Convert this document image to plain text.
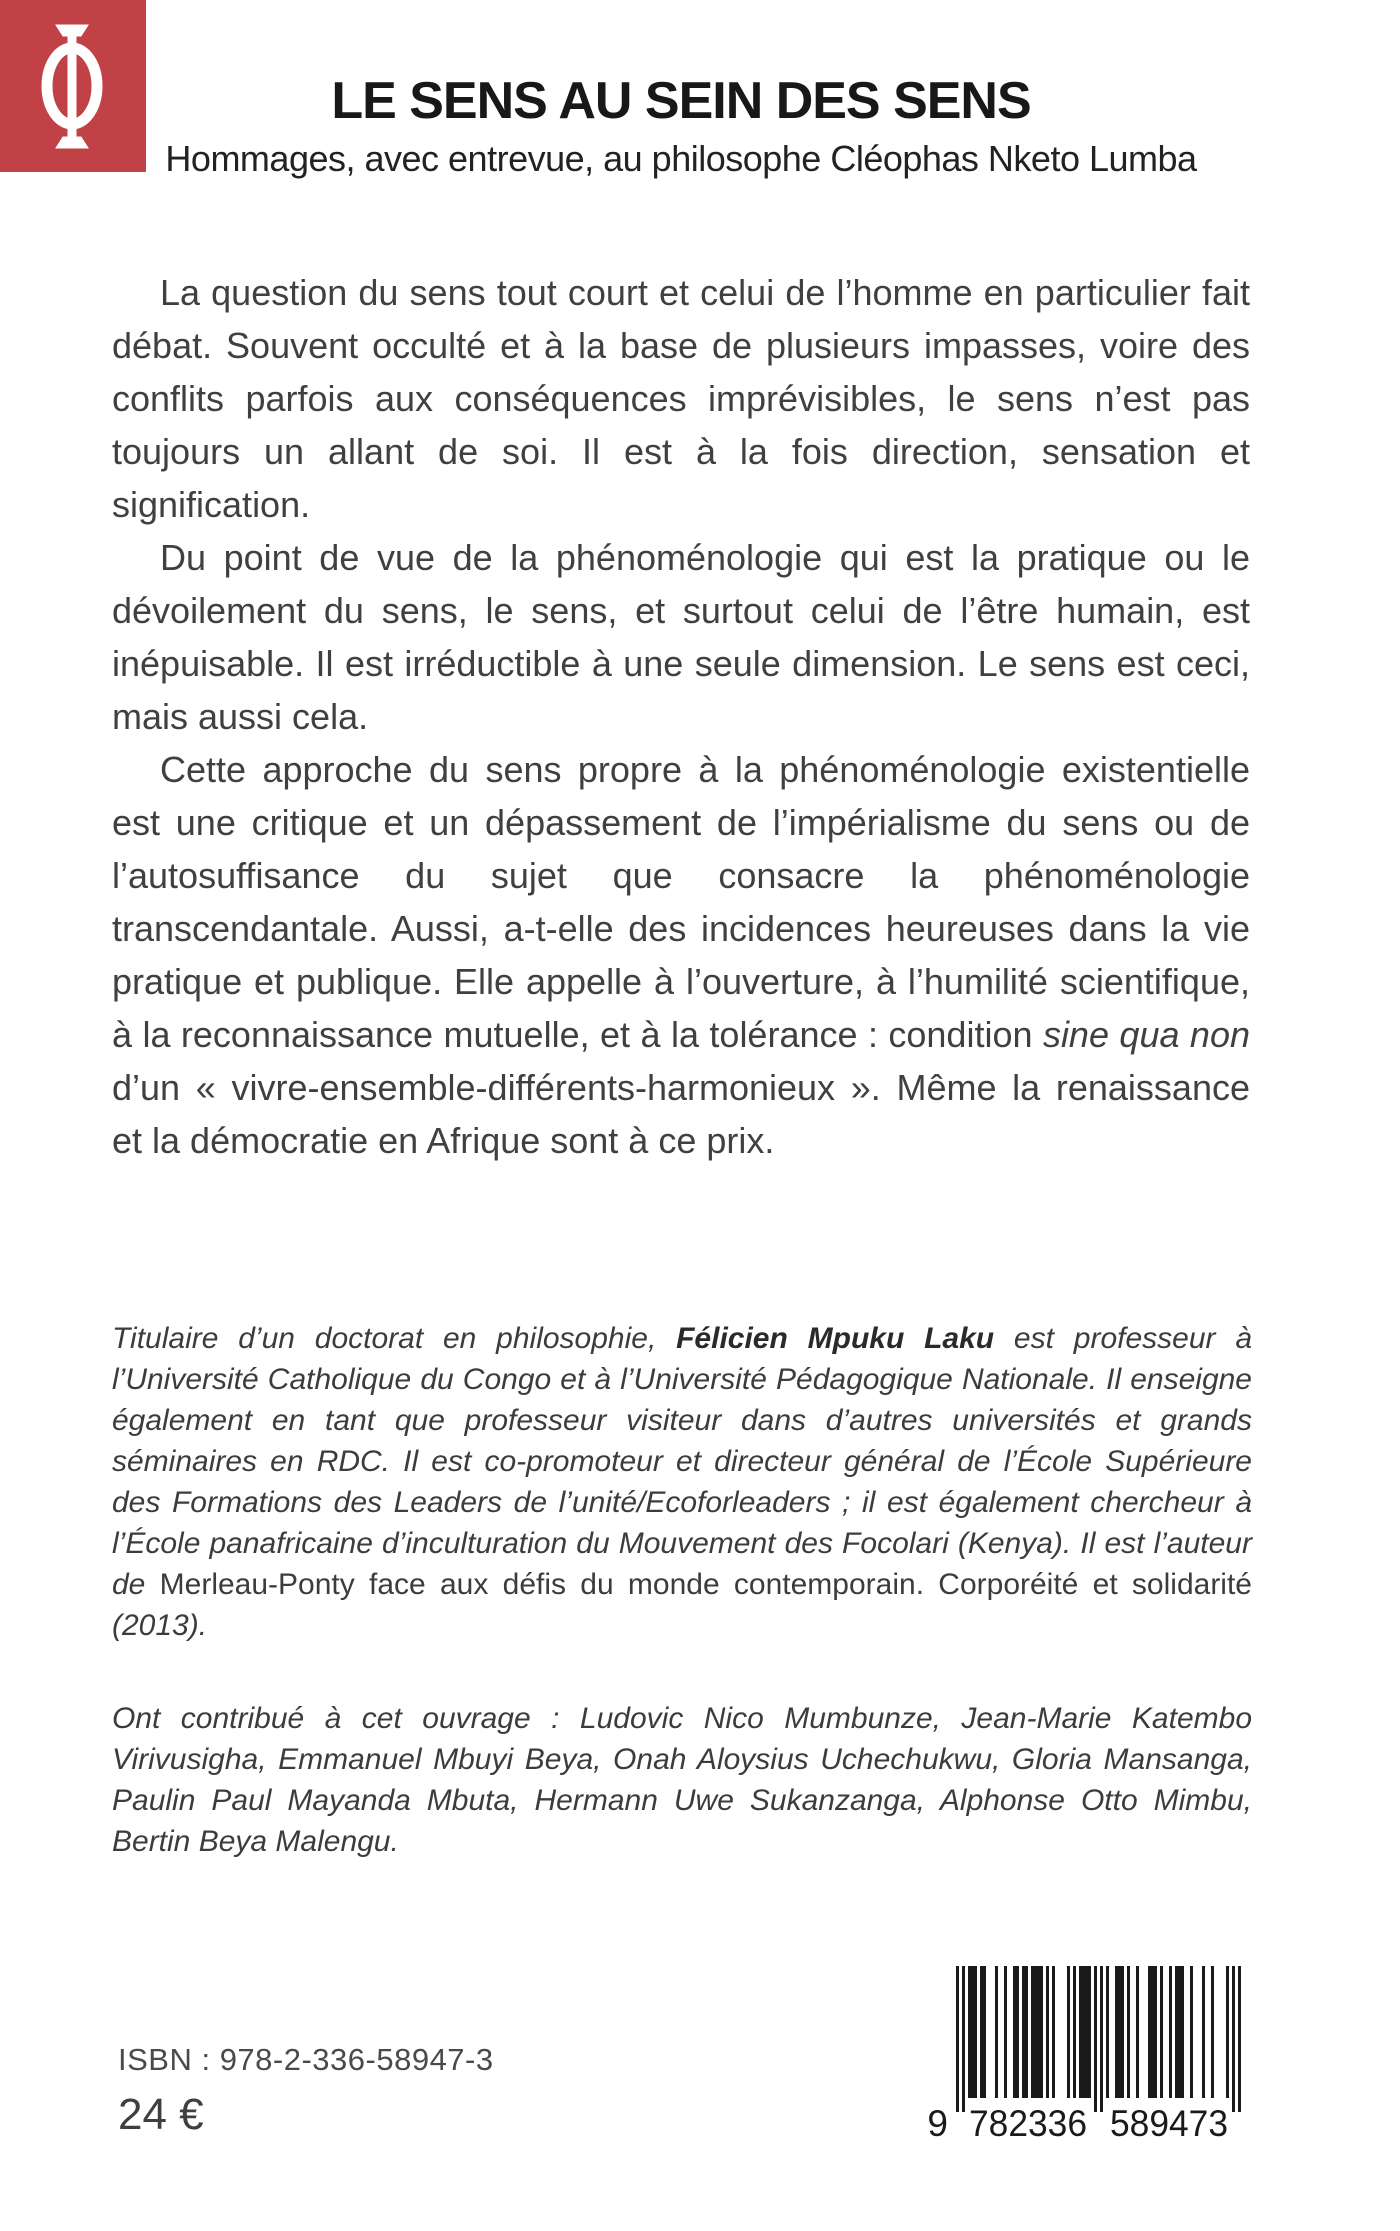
LE SENS AU SEIN DES SENS
Hommages, avec entrevue, au philosophe Cléophas Nketo Lumba

La question du sens tout court et celui de l’homme en particulier fait débat. Souvent occulté et à la base de plusieurs impasses, voire des conflits parfois aux conséquences imprévisibles, le sens n’est pas toujours un allant de soi. Il est à la fois direction, sensation et signification.

Du point de vue de la phénoménologie qui est la pratique ou le dévoilement du sens, le sens, et surtout celui de l’être humain, est inépuisable. Il est irréductible à une seule dimension. Le sens est ceci, mais aussi cela.

Cette approche du sens propre à la phénoménologie existentielle est une critique et un dépassement de l’impérialisme du sens ou de l’autosuffisance du sujet que consacre la phénoménologie transcendantale. Aussi, a-t-elle des incidences heureuses dans la vie pratique et publique. Elle appelle à l’ouverture, à l’humilité scientifique, à la reconnaissance mutuelle, et à la tolérance : condition sine qua non d’un « vivre-ensemble-différents-harmonieux ». Même la renaissance et la démocratie en Afrique sont à ce prix.

Titulaire d’un doctorat en philosophie, Félicien Mpuku Laku est professeur à l’Université Catholique du Congo et à l’Université Pédagogique Nationale. Il enseigne également en tant que professeur visiteur dans d’autres universités et grands séminaires en RDC. Il est co-promoteur et directeur général de l’École Supérieure des Formations des Leaders de l’unité/Ecoforleaders ; il est également chercheur à l’École panafricaine d’inculturation du Mouvement des Focolari (Kenya). Il est l’auteur de Merleau-Ponty face aux défis du monde contemporain. Corporéité et solidarité (2013).

Ont contribué à cet ouvrage : Ludovic Nico Mumbunze, Jean-Marie Katembo Virivusigha, Emmanuel Mbuyi Beya, Onah Aloysius Uchechukwu, Gloria Mansanga, Paulin Paul Mayanda Mbuta, Hermann Uwe Sukanzanga, Alphonse Otto Mimbu, Bertin Beya Malengu.

ISBN : 978-2-336-58947-3
24 €	9 782336 589473
